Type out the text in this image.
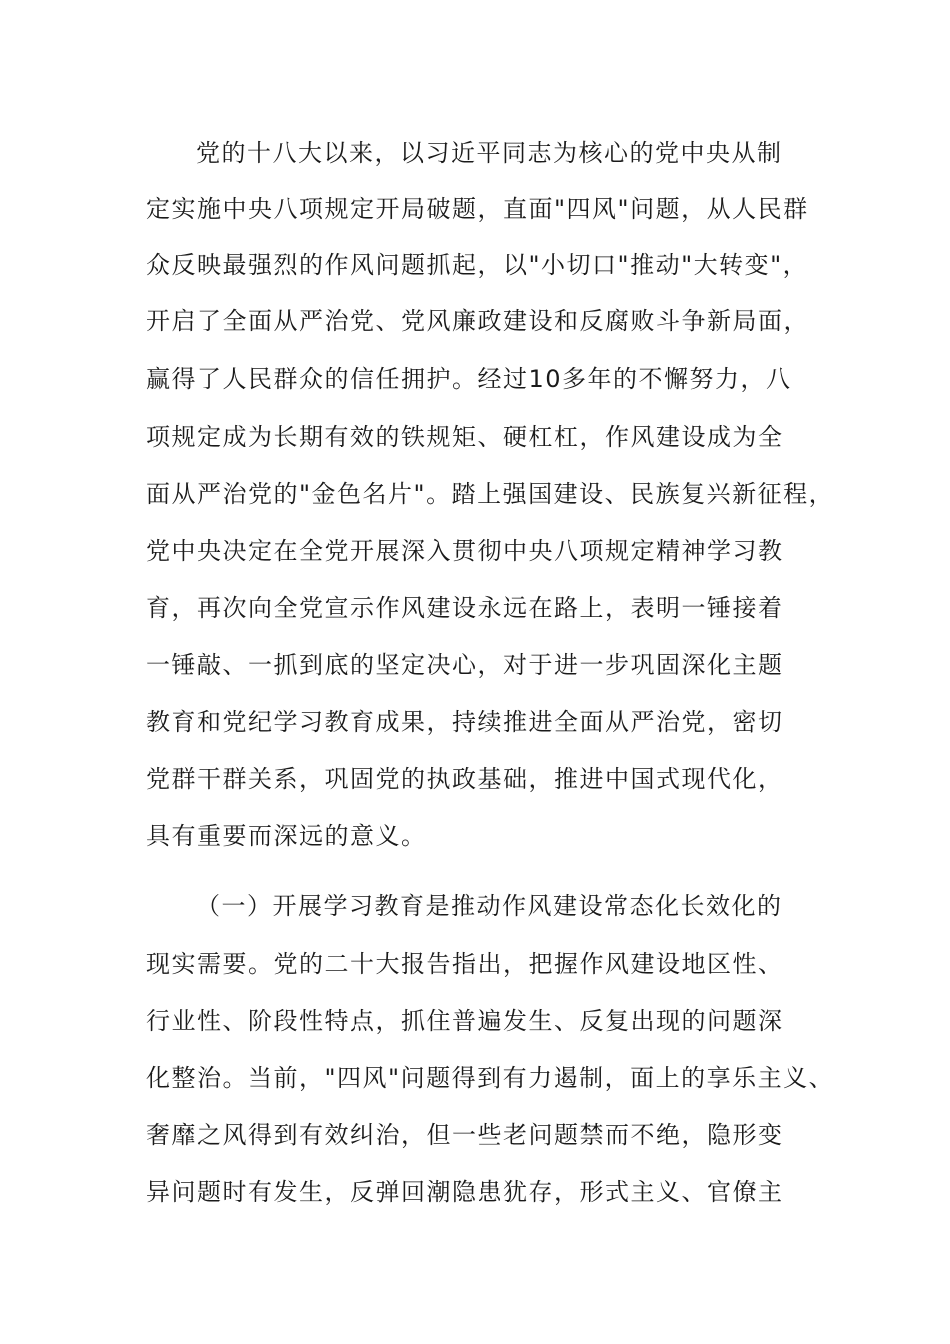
党的十八大以来，以习近平同志为核心的党中央从制
定实施中央八项规定开局破题，直面"四风"问题，从人民群
众反映最强烈的作风问题抓起，以"小切口"推动"大转变"，
开启了全面从严治党、党风廉政建设和反腐败斗争新局面，
赢得了人民群众的信任拥护。经过10多年的不懈努力，八
项规定成为长期有效的铁规矩、硬杠杠，作风建设成为全
面从严治党的"金色名片"。踏上强国建设、民族复兴新征程，
党中央决定在全党开展深入贯彻中央八项规定精神学习教
育，再次向全党宣示作风建设永远在路上，表明一锤接着
一锤敲、一抓到底的坚定决心，对于进一步巩固深化主题
教育和党纪学习教育成果，持续推进全面从严治党，密切
党群干群关系，巩固党的执政基础，推进中国式现代化，
具有重要而深远的意义。
（一）开展学习教育是推动作风建设常态化长效化的
现实需要。党的二十大报告指出，把握作风建设地区性、
行业性、阶段性特点，抓住普遍发生、反复出现的问题深
化整治。当前，"四风"问题得到有力遏制，面上的享乐主义、
奢靡之风得到有效纠治，但一些老问题禁而不绝，隐形变
异问题时有发生，反弹回潮隐患犹存，形式主义、官僚主
